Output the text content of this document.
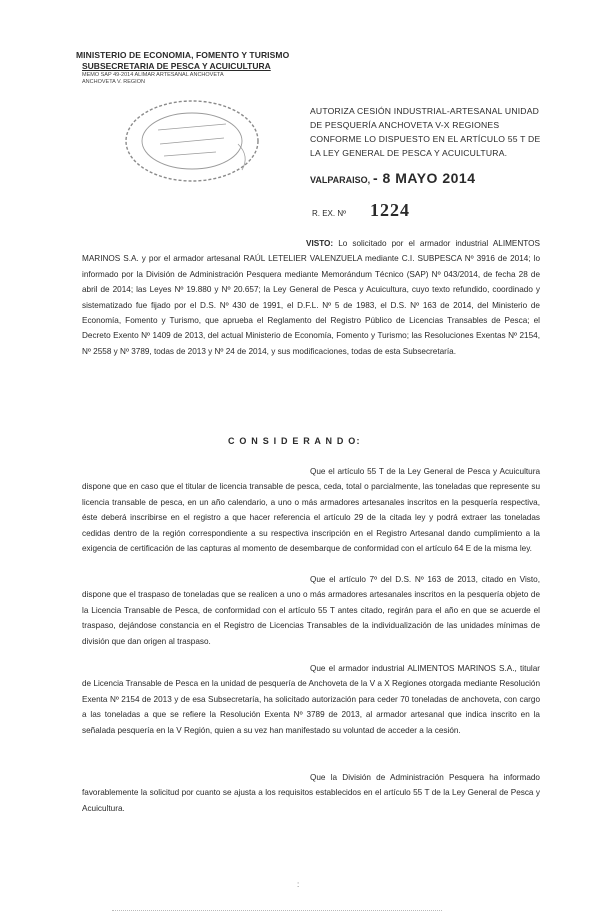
MINISTERIO DE ECONOMIA, FOMENTO Y TURISMO
SUBSECRETARIA DE PESCA Y ACUICULTURA
MEMO SAP 49-2014 ALIMAR ARTESANAL ANCHOVETA
ANCHOVETA V. REGION
AUTORIZA CESIÓN INDUSTRIAL-ARTESANAL UNIDAD DE PESQUERÍA ANCHOVETA V-X REGIONES CONFORME LO DISPUESTO EN EL ARTÍCULO 55 T DE LA LEY GENERAL DE PESCA Y ACUICULTURA.
VALPARAISO, - 8 MAYO 2014
R. EX. Nº 1224
VISTO: Lo solicitado por el armador industrial ALIMENTOS MARINOS S.A. y por el armador artesanal RAÚL LETELIER VALENZUELA mediante C.I. SUBPESCA Nº 3916 de 2014; lo informado por la División de Administración Pesquera mediante Memorándum Técnico (SAP) Nº 043/2014, de fecha 28 de abril de 2014; las Leyes Nº 19.880 y Nº 20.657; la Ley General de Pesca y Acuicultura, cuyo texto refundido, coordinado y sistematizado fue fijado por el D.S. Nº 430 de 1991, el D.F.L. Nº 5 de 1983, el D.S. Nº 163 de 2014, del Ministerio de Economía, Fomento y Turismo, que aprueba el Reglamento del Registro Público de Licencias Transables de Pesca; el Decreto Exento Nº 1409 de 2013, del actual Ministerio de Economía, Fomento y Turismo; las Resoluciones Exentas Nº 2154, Nº 2558 y Nº 3789, todas de 2013 y Nº 24 de 2014, y sus modificaciones, todas de esta Subsecretaría.
C O N S I D E R A N D O:
Que el artículo 55 T de la Ley General de Pesca y Acuicultura dispone que en caso que el titular de licencia transable de pesca, ceda, total o parcialmente, las toneladas que represente su licencia transable de pesca, en un año calendario, a uno o más armadores artesanales inscritos en la pesquería respectiva, éste deberá inscribirse en el registro a que hacer referencia el artículo 29 de la citada ley y podrá extraer las toneladas cedidas dentro de la región correspondiente a su respectiva inscripción en el Registro Artesanal dando cumplimiento a la exigencia de certificación de las capturas al momento de desembarque de conformidad con el artículo 64 E de la misma ley.
Que el artículo 7º del D.S. Nº 163 de 2013, citado en Visto, dispone que el traspaso de toneladas que se realicen a uno o más armadores artesanales inscritos en la pesquería objeto de la Licencia Transable de Pesca, de conformidad con el artículo 55 T antes citado, regirán para el año en que se acuerde el traspaso, dejándose constancia en el Registro de Licencias Transables de la individualización de las unidades mínimas de división que dan origen al traspaso.
Que el armador industrial ALIMENTOS MARINOS S.A., titular de Licencia Transable de Pesca en la unidad de pesquería de Anchoveta de la V a X Regiones otorgada mediante Resolución Exenta Nº 2154 de 2013 y de esa Subsecretaría, ha solicitado autorización para ceder 70 toneladas de anchoveta, con cargo a las toneladas a que se refiere la Resolución Exenta Nº 3789 de 2013, al armador artesanal que indica inscrito en la señalada pesquería en la V Región, quien a su vez han manifestado su voluntad de acceder a la cesión.
Que la División de Administración Pesquera ha informado favorablemente la solicitud por cuanto se ajusta a los requisitos establecidos en el artículo 55 T de la Ley General de Pesca y Acuicultura.
:
